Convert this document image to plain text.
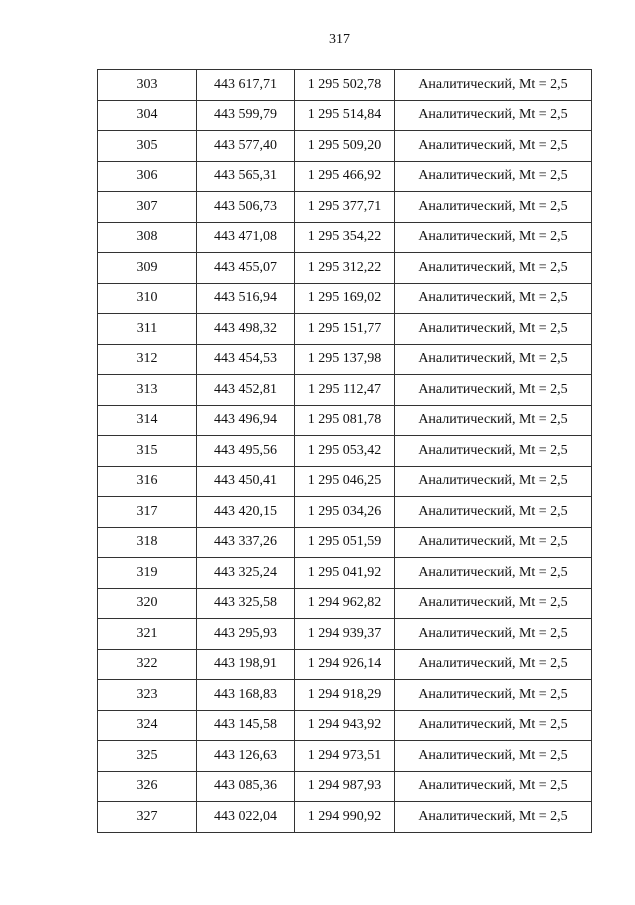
317
303	443 617,71	1 295 502,78	Аналитический, Mt = 2,5
304	443 599,79	1 295 514,84	Аналитический, Mt = 2,5
305	443 577,40	1 295 509,20	Аналитический, Mt = 2,5
306	443 565,31	1 295 466,92	Аналитический, Mt = 2,5
307	443 506,73	1 295 377,71	Аналитический, Mt = 2,5
308	443 471,08	1 295 354,22	Аналитический, Mt = 2,5
309	443 455,07	1 295 312,22	Аналитический, Mt = 2,5
310	443 516,94	1 295 169,02	Аналитический, Mt = 2,5
311	443 498,32	1 295 151,77	Аналитический, Mt = 2,5
312	443 454,53	1 295 137,98	Аналитический, Mt = 2,5
313	443 452,81	1 295 112,47	Аналитический, Mt = 2,5
314	443 496,94	1 295 081,78	Аналитический, Mt = 2,5
315	443 495,56	1 295 053,42	Аналитический, Mt = 2,5
316	443 450,41	1 295 046,25	Аналитический, Mt = 2,5
317	443 420,15	1 295 034,26	Аналитический, Mt = 2,5
318	443 337,26	1 295 051,59	Аналитический, Mt = 2,5
319	443 325,24	1 295 041,92	Аналитический, Mt = 2,5
320	443 325,58	1 294 962,82	Аналитический, Mt = 2,5
321	443 295,93	1 294 939,37	Аналитический, Mt = 2,5
322	443 198,91	1 294 926,14	Аналитический, Mt = 2,5
323	443 168,83	1 294 918,29	Аналитический, Mt = 2,5
324	443 145,58	1 294 943,92	Аналитический, Mt = 2,5
325	443 126,63	1 294 973,51	Аналитический, Mt = 2,5
326	443 085,36	1 294 987,93	Аналитический, Mt = 2,5
327	443 022,04	1 294 990,92	Аналитический, Mt = 2,5
